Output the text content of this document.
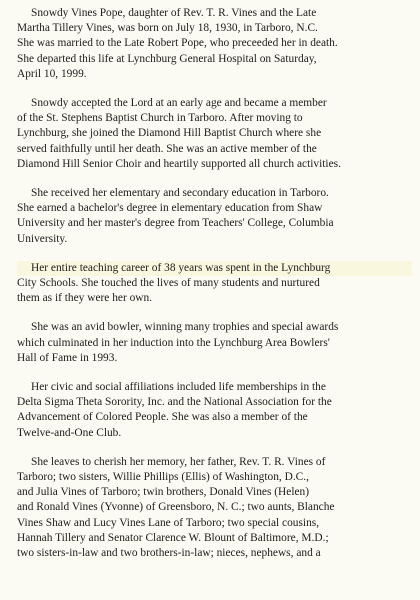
Snowdy Vines Pope, daughter of Rev. T. R. Vines and the Late
Martha Tillery Vines, was born on July 18, 1930, in Tarboro, N.C.
She was married to the Late Robert Pope, who preceeded her in death.
She departed this life at Lynchburg General Hospital on Saturday,
April 10, 1999.

Snowdy accepted the Lord at an early age and became a member
of the St. Stephens Baptist Church in Tarboro. After moving to
Lynchburg, she joined the Diamond Hill Baptist Church where she
served faithfully until her death. She was an active member of the
Diamond Hill Senior Choir and heartily supported all church activities.

She received her elementary and secondary education in Tarboro.
She earned a bachelor's degree in elementary education from Shaw
University and her master's degree from Teachers' College, Columbia
University.

Her entire teaching career of 38 years was spent in the Lynchburg
City Schools. She touched the lives of many students and nurtured
them as if they were her own.

She was an avid bowler, winning many trophies and special awards
which culminated in her induction into the Lynchburg Area Bowlers'
Hall of Fame in 1993.

Her civic and social affiliations included life memberships in the
Delta Sigma Theta Sorority, Inc. and the National Association for the
Advancement of Colored People. She was also a member of the
Twelve-and-One Club.

She leaves to cherish her memory, her father, Rev. T. R. Vines of
Tarboro; two sisters, Willie Phillips (Ellis) of Washington, D.C.,
and Julia Vines of Tarboro; twin brothers, Donald Vines (Helen)
and Ronald Vines (Yvonne) of Greensboro, N. C.; two aunts, Blanche
Vines Shaw and Lucy Vines Lane of Tarboro; two special cousins,
Hannah Tillery and Senator Clarence W. Blount of Baltimore, M.D.;
two sisters-in-law and two brothers-in-law; nieces, nephews, and a
